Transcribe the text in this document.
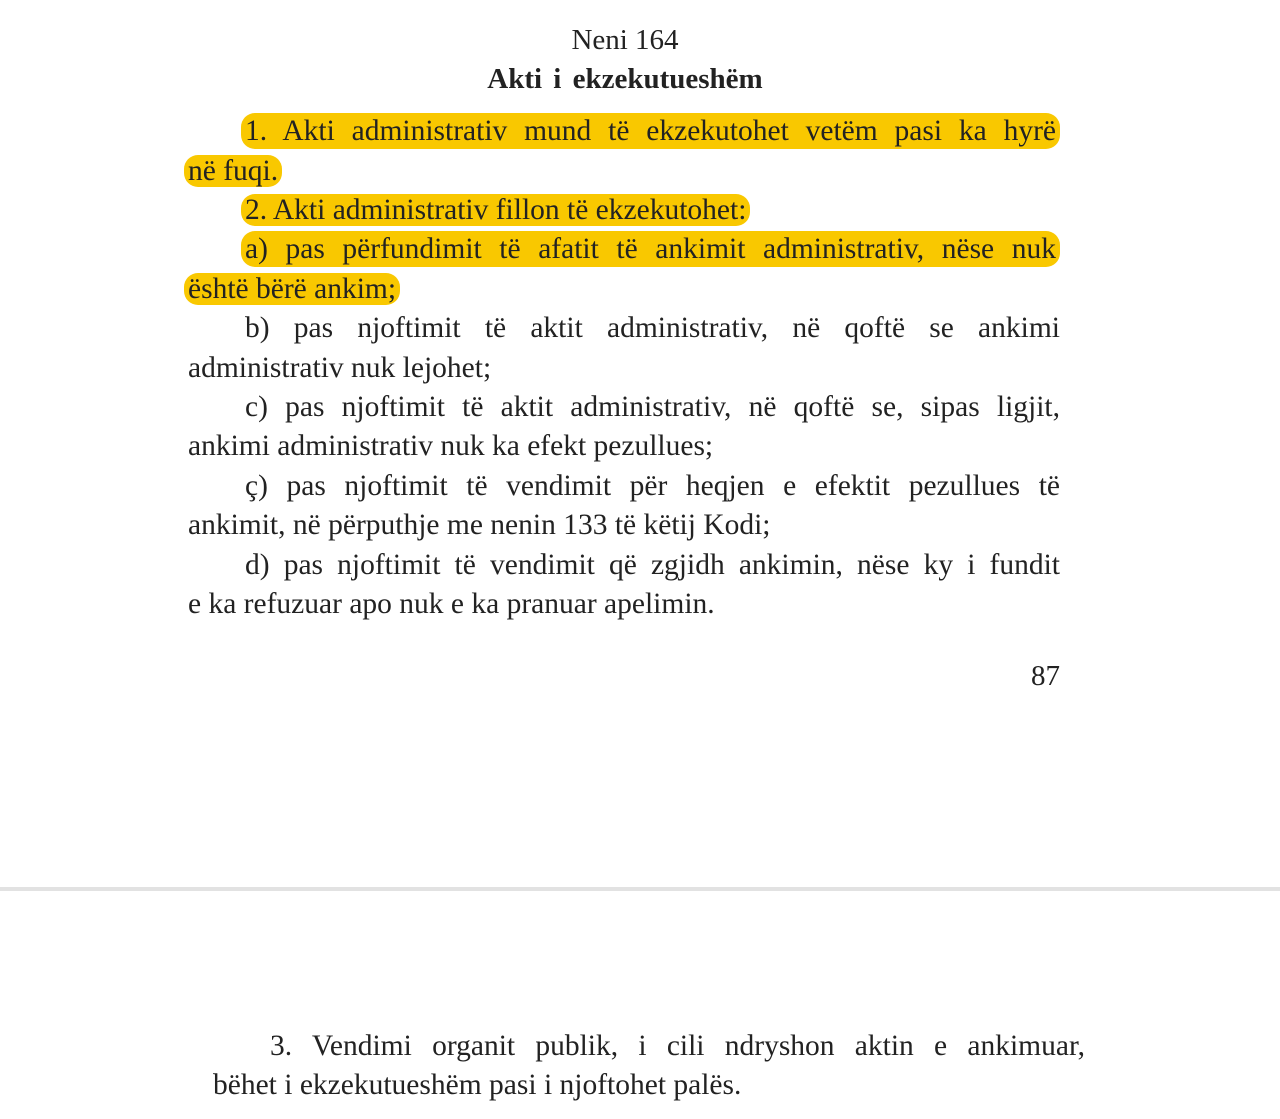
Neni 164
Akti i ekzekutueshëm
1. Akti administrativ mund të ekzekutohet vetëm pasi ka hyrë
në fuqi.
2. Akti administrativ fillon të ekzekutohet:
a) pas përfundimit të afatit të ankimit administrativ, nëse nuk
është bërë ankim;
b) pas njoftimit të aktit administrativ, në qoftë se ankimi
administrativ nuk lejohet;
c) pas njoftimit të aktit administrativ, në qoftë se, sipas ligjit,
ankimi administrativ nuk ka efekt pezullues;
ç) pas njoftimit të vendimit për heqjen e efektit pezullues të
ankimit, në përputhje me nenin 133 të këtij Kodi;
d) pas njoftimit të vendimit që zgjidh ankimin, nëse ky i fundit
e ka refuzuar apo nuk e ka pranuar apelimin.
87
3. Vendimi organit publik, i cili ndryshon aktin e ankimuar,
bëhet i ekzekutueshëm pasi i njoftohet palës.
